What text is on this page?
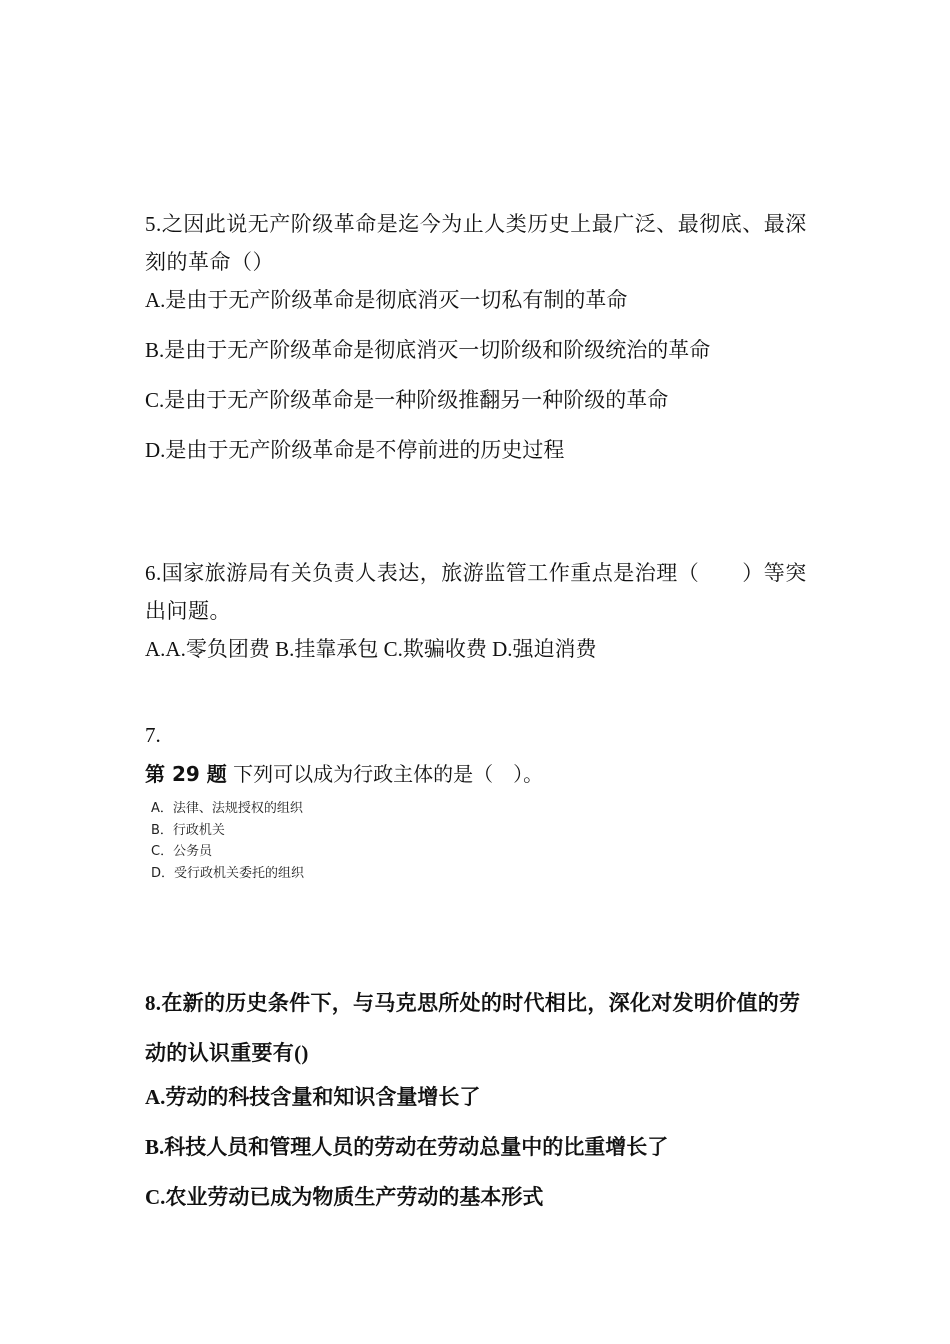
5.之因此说无产阶级革命是迄今为止人类历史上最广泛、最彻底、最深刻的革命（）

A.是由于无产阶级革命是彻底消灭一切私有制的革命

B.是由于无产阶级革命是彻底消灭一切阶级和阶级统治的革命

C.是由于无产阶级革命是一种阶级推翻另一种阶级的革命

D.是由于无产阶级革命是不停前进的历史过程

6.国家旅游局有关负责人表达，旅游监管工作重点是治理（　　）等突出问题。

A.A.零负团费 B.挂靠承包 C.欺骗收费 D.强迫消费

7.

第 29 题 下列可以成为行政主体的是（　）。
A．法律、法规授权的组织
B．行政机关
C．公务员
D．受行政机关委托的组织

8.在新的历史条件下，与马克思所处的时代相比，深化对发明价值的劳动的认识重要有()

A.劳动的科技含量和知识含量增长了

B.科技人员和管理人员的劳动在劳动总量中的比重增长了

C.农业劳动已成为物质生产劳动的基本形式
